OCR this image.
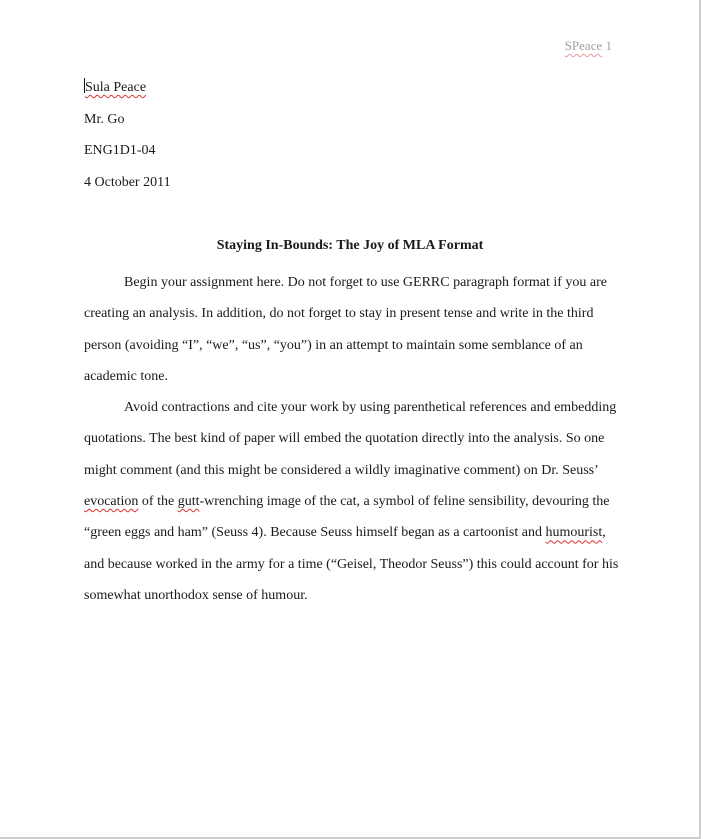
SPeace 1
Sula Peace
Mr. Go
ENG1D1-04
4 October 2011
Staying In-Bounds: The Joy of MLA Format
Begin your assignment here. Do not forget to use GERRC paragraph format if you are
creating an analysis. In addition, do not forget to stay in present tense and write in the third
person (avoiding “I”, “we”, “us”, “you”) in an attempt to maintain some semblance of an
academic tone.
Avoid contractions and cite your work by using parenthetical references and embedding
quotations. The best kind of paper will embed the quotation directly into the analysis. So one
might comment (and this might be considered a wildly imaginative comment) on Dr. Seuss’
evocation of the gutt-wrenching image of the cat, a symbol of feline sensibility, devouring the
“green eggs and ham” (Seuss 4). Because Seuss himself began as a cartoonist and humourist,
and because worked in the army for a time (“Geisel, Theodor Seuss”) this could account for his
somewhat unorthodox sense of humour.
